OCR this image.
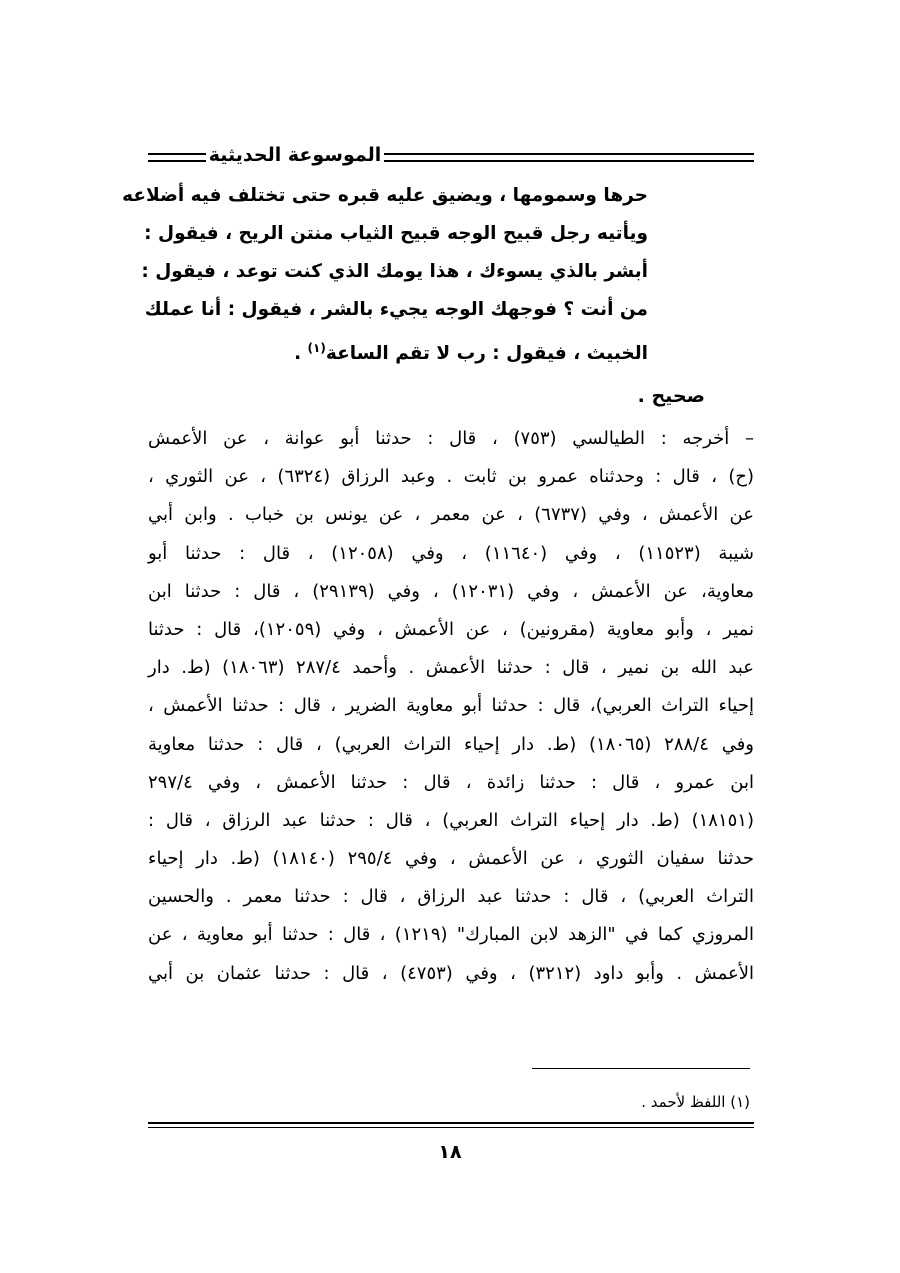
الموسوعة الحديثية
حرها وسمومها ، ويضيق عليه قبره حتى تختلف فيه أضلاعه
ويأتيه رجل قبيح الوجه قبيح الثياب منتن الريح ، فيقول :
أبشر بالذي يسوءك ، هذا يومك الذي كنت توعد ، فيقول :
من أنت ؟ فوجهك الوجه يجيء بالشر ، فيقول : أنا عملك
الخبيث ، فيقول : رب لا تقم الساعة$^{(١)}$ .
صحيح .
– أخرجه : الطيالسي (٧٥٣) ، قال : حدثنا أبو عوانة ، عن الأعمش
(ح) ، قال : وحدثناه عمرو بن ثابت . وعبد الرزاق (٦٣٢٤) ، عن الثوري ،
عن الأعمش ، وفي (٦٧٣٧) ، عن معمر ، عن يونس بن خباب . وابن أبي
شيبة (١١٥٢٣) ، وفي (١١٦٤٠) ، وفي (١٢٠٥٨) ، قال : حدثنا أبو
معاوية، عن الأعمش ، وفي (١٢٠٣١) ، وفي (٢٩١٣٩) ، قال : حدثنا ابن
نمير ، وأبو معاوية (مقرونين) ، عن الأعمش ، وفي (١٢٠٥٩)، قال : حدثنا
عبد الله بن نمير ، قال : حدثنا الأعمش . وأحمد ٢٨٧/٤ (١٨٠٦٣) (ط. دار
إحياء التراث العربي)، قال : حدثنا أبو معاوية الضرير ، قال : حدثنا الأعمش ،
وفي ٢٨٨/٤ (١٨٠٦٥) (ط. دار إحياء التراث العربي) ، قال : حدثنا معاوية
ابن عمرو ، قال : حدثنا زائدة ، قال : حدثنا الأعمش ، وفي ٢٩٧/٤
(١٨١٥١) (ط. دار إحياء التراث العربي) ، قال : حدثنا عبد الرزاق ، قال :
حدثنا سفيان الثوري ، عن الأعمش ، وفي ٢٩٥/٤ (١٨١٤٠) (ط. دار إحياء
التراث العربي) ، قال : حدثنا عبد الرزاق ، قال : حدثنا معمر . والحسين
المروزي كما في "الزهد لابن المبارك" (١٢١٩) ، قال : حدثنا أبو معاوية ، عن
الأعمش . وأبو داود (٣٢١٢) ، وفي (٤٧٥٣) ، قال : حدثنا عثمان بن أبي
(١) اللفظ لأحمد .
١٨
